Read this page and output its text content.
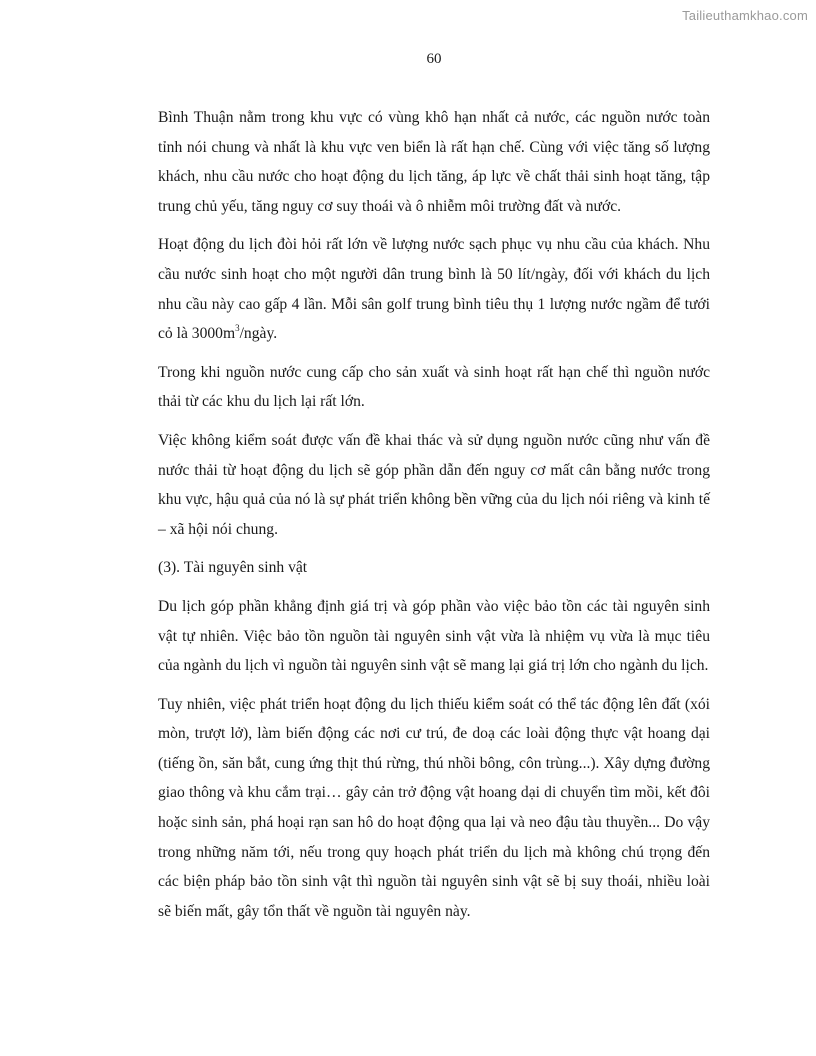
Tailieuthamkhao.com
60

Bình Thuận nằm trong khu vực có vùng khô hạn nhất cả nước, các nguồn nước toàn tỉnh nói chung và nhất là khu vực ven biển là rất hạn chế. Cùng với việc tăng số lượng khách, nhu cầu nước cho hoạt động du lịch tăng, áp lực về chất thải sinh hoạt tăng, tập trung chủ yếu, tăng nguy cơ suy thoái và ô nhiễm môi trường đất và nước.

Hoạt động du lịch đòi hỏi rất lớn về lượng nước sạch phục vụ nhu cầu của khách. Nhu cầu nước sinh hoạt cho một người dân trung bình là 50 lít/ngày, đối với khách du lịch nhu cầu này cao gấp 4 lần. Mỗi sân golf trung bình tiêu thụ 1 lượng nước ngầm để tưới cỏ là $3000m^3$/ngày.

Trong khi nguồn nước cung cấp cho sản xuất và sinh hoạt rất hạn chế thì nguồn nước thải từ các khu du lịch lại rất lớn.

Việc không kiểm soát được vấn đề khai thác và sử dụng nguồn nước cũng như vấn đề nước thải từ hoạt động du lịch sẽ góp phần dẫn đến nguy cơ mất cân bằng nước trong khu vực, hậu quả của nó là sự phát triển không bền vững của du lịch nói riêng và kinh tế – xã hội nói chung.

(3). Tài nguyên sinh vật

Du lịch góp phần khẳng định giá trị và góp phần vào việc bảo tồn các tài nguyên sinh vật tự nhiên. Việc bảo tồn nguồn tài nguyên sinh vật vừa là nhiệm vụ vừa là mục tiêu của ngành du lịch vì nguồn tài nguyên sinh vật sẽ mang lại giá trị lớn cho ngành du lịch.

Tuy nhiên, việc phát triển hoạt động du lịch thiếu kiểm soát có thể tác động lên đất (xói mòn, trượt lở), làm biến động các nơi cư trú, đe doạ các loài động thực vật hoang dại (tiếng ồn, săn bắt, cung ứng thịt thú rừng, thú nhồi bông, côn trùng...). Xây dựng đường giao thông và khu cắm trại… gây cản trở động vật hoang dại di chuyển tìm mồi, kết đôi hoặc sinh sản, phá hoại rạn san hô do hoạt động qua lại và neo đậu tàu thuyền... Do vậy trong những năm tới, nếu trong quy hoạch phát triển du lịch mà không chú trọng đến các biện pháp bảo tồn sinh vật thì nguồn tài nguyên sinh vật sẽ bị suy thoái, nhiều loài sẽ biến mất, gây tổn thất về nguồn tài nguyên này.
